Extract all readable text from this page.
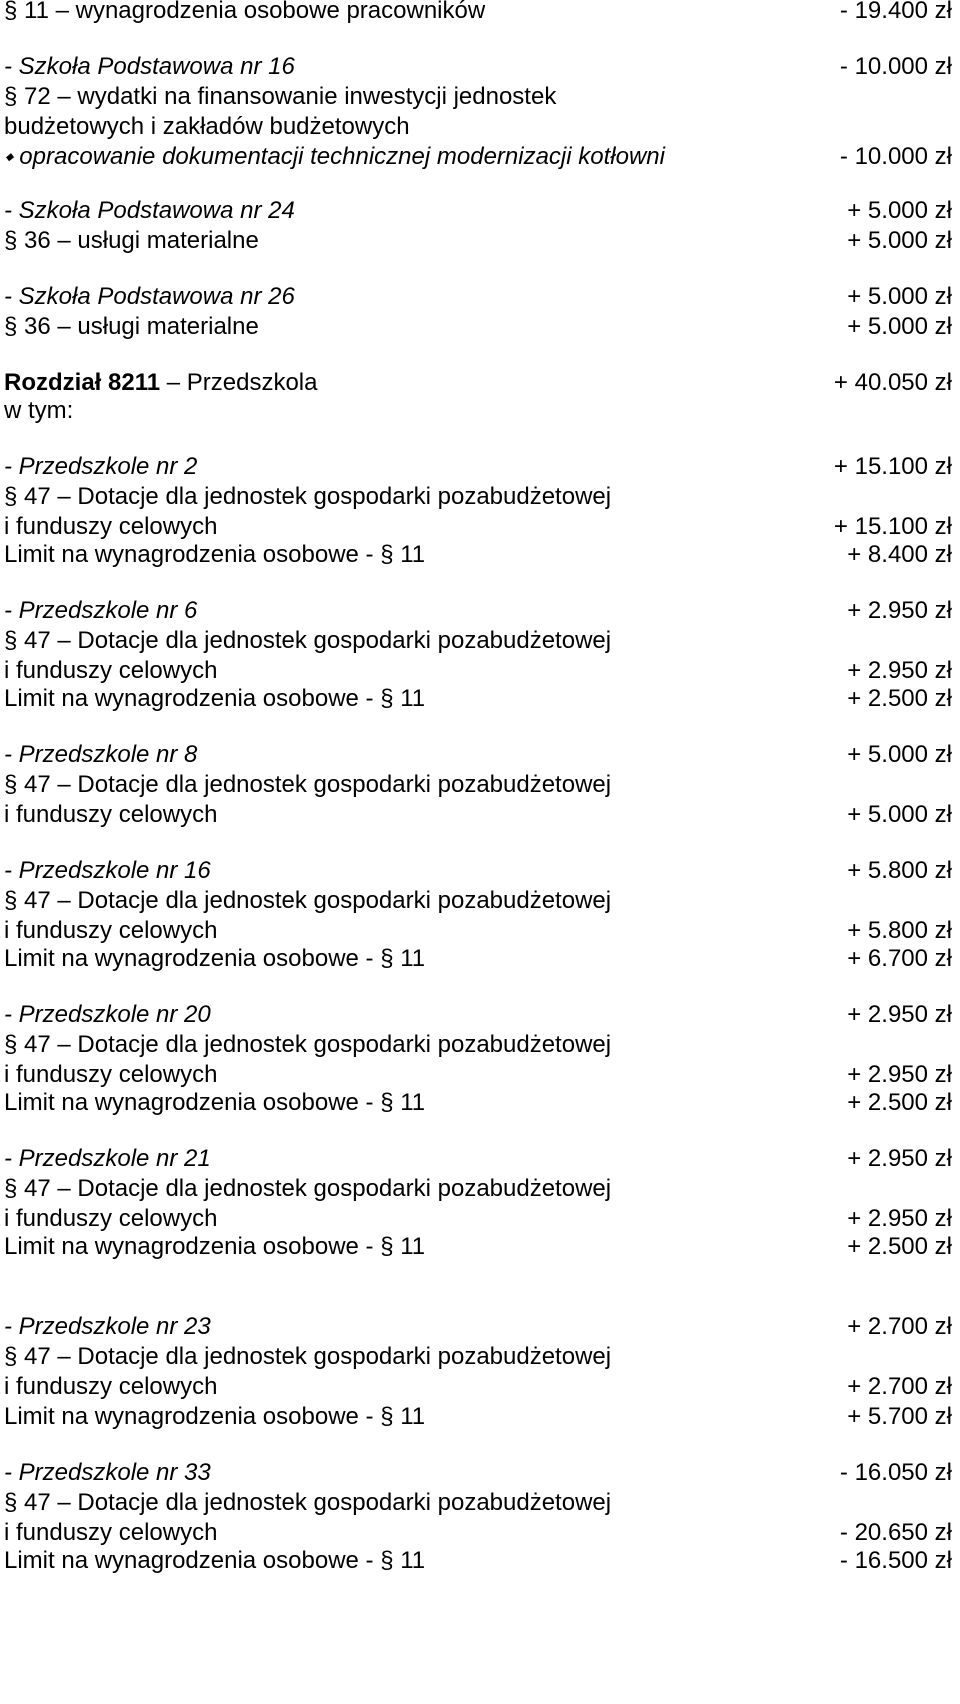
§ 11 – wynagrodzenia osobowe pracowników	- 19.400 zł
- Szkoła Podstawowa nr 16	- 10.000 zł
§ 72 – wydatki na finansowanie inwestycji jednostek
budżetowych i zakładów budżetowych
⬩ opracowanie dokumentacji technicznej modernizacji kotłowni	- 10.000 zł
- Szkoła Podstawowa nr 24	+ 5.000 zł
§ 36 – usługi materialne	+ 5.000 zł
- Szkoła Podstawowa nr 26	+ 5.000 zł
§ 36 – usługi materialne	+ 5.000 zł
Rozdział 8211 – Przedszkola	+ 40.050 zł
w tym:
- Przedszkole nr 2	+ 15.100 zł
§ 47 – Dotacje dla jednostek gospodarki pozabudżetowej
i funduszy celowych	+ 15.100 zł
Limit na wynagrodzenia osobowe - § 11	+ 8.400 zł
- Przedszkole nr 6	+ 2.950 zł
§ 47 – Dotacje dla jednostek gospodarki pozabudżetowej
i funduszy celowych	+ 2.950 zł
Limit na wynagrodzenia osobowe - § 11	+ 2.500 zł
- Przedszkole nr 8	+ 5.000 zł
§ 47 – Dotacje dla jednostek gospodarki pozabudżetowej
i funduszy celowych	+ 5.000 zł
- Przedszkole nr 16	+ 5.800 zł
§ 47 – Dotacje dla jednostek gospodarki pozabudżetowej
i funduszy celowych	+ 5.800 zł
Limit na wynagrodzenia osobowe - § 11	+ 6.700 zł
- Przedszkole nr 20	+ 2.950 zł
§ 47 – Dotacje dla jednostek gospodarki pozabudżetowej
i funduszy celowych	+ 2.950 zł
Limit na wynagrodzenia osobowe - § 11	+ 2.500 zł
- Przedszkole nr 21	+ 2.950 zł
§ 47 – Dotacje dla jednostek gospodarki pozabudżetowej
i funduszy celowych	+ 2.950 zł
Limit na wynagrodzenia osobowe - § 11	+ 2.500 zł
- Przedszkole nr 23	+ 2.700 zł
§ 47 – Dotacje dla jednostek gospodarki pozabudżetowej
i funduszy celowych	+ 2.700 zł
Limit na wynagrodzenia osobowe - § 11	+ 5.700 zł
- Przedszkole nr 33	- 16.050 zł
§ 47 – Dotacje dla jednostek gospodarki pozabudżetowej
i funduszy celowych	- 20.650 zł
Limit na wynagrodzenia osobowe - § 11	- 16.500 zł
